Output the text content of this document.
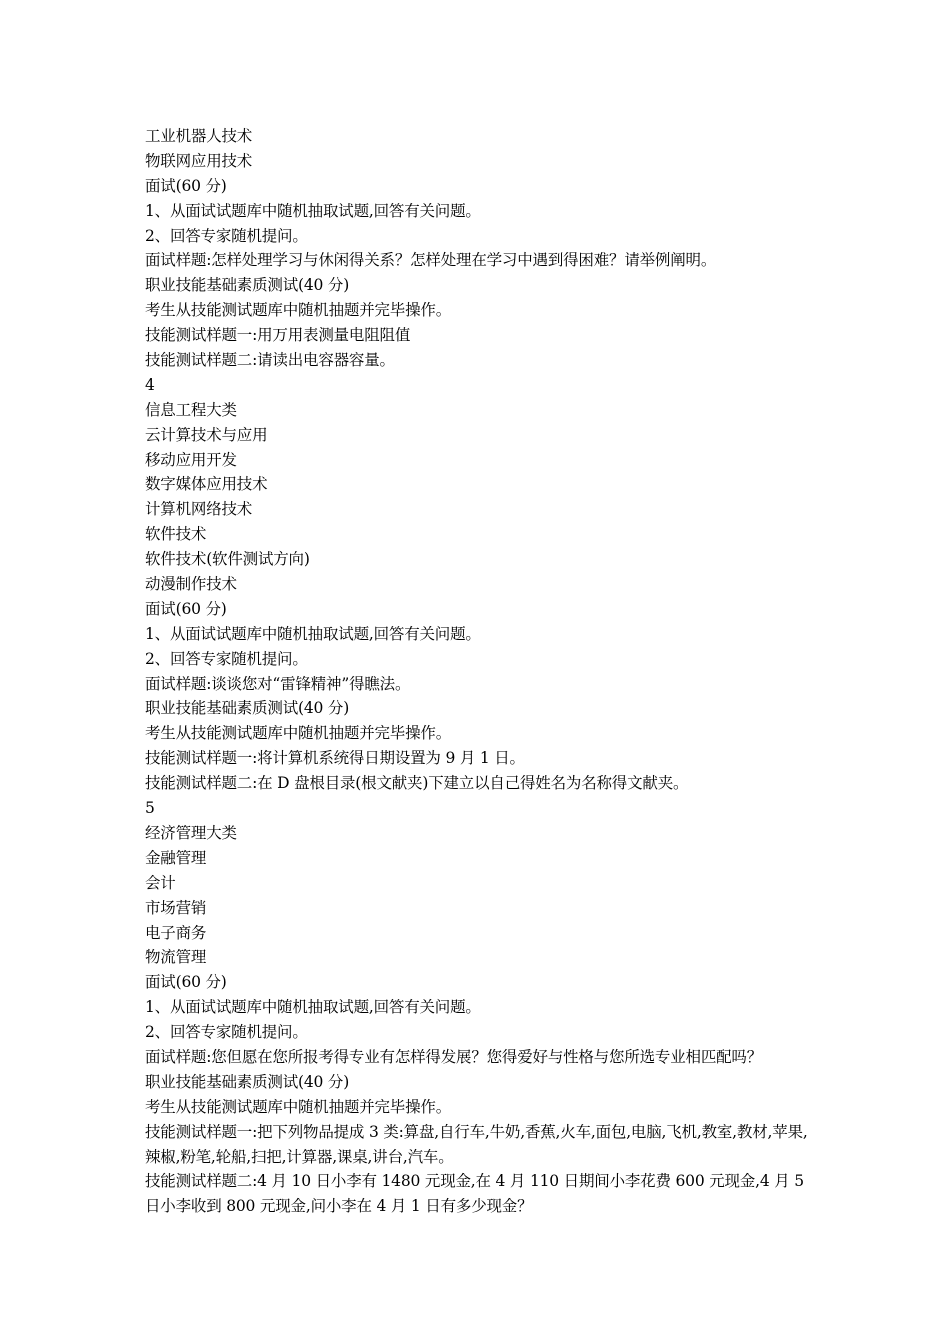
工业机器人技术
物联网应用技术
面试(60 分)
1、从面试试题库中随机抽取试题,回答有关问题。
2、回答专家随机提问。
面试样题:怎样处理学习与休闲得关系？怎样处理在学习中遇到得困难？请举例阐明。
职业技能基础素质测试(40 分)
考生从技能测试题库中随机抽题并完毕操作。
技能测试样题一:用万用表测量电阻阻值
技能测试样题二:请读出电容器容量。
4
信息工程大类
云计算技术与应用
移动应用开发
数字媒体应用技术
计算机网络技术
软件技术
软件技术(软件测试方向)
动漫制作技术
面试(60 分)
1、从面试试题库中随机抽取试题,回答有关问题。
2、回答专家随机提问。
面试样题:谈谈您对“雷锋精神”得瞧法。
职业技能基础素质测试(40 分)
考生从技能测试题库中随机抽题并完毕操作。
技能测试样题一:将计算机系统得日期设置为 9 月 1 日。
技能测试样题二:在 D 盘根目录(根文献夹)下建立以自己得姓名为名称得文献夹。
5
经济管理大类
金融管理
会计
市场营销
电子商务
物流管理
面试(60 分)
1、从面试试题库中随机抽取试题,回答有关问题。
2、回答专家随机提问。
面试样题:您但愿在您所报考得专业有怎样得发展？您得爱好与性格与您所选专业相匹配吗？
职业技能基础素质测试(40 分)
考生从技能测试题库中随机抽题并完毕操作。
技能测试样题一:把下列物品提成 3 类:算盘,自行车,牛奶,香蕉,火车,面包,电脑,飞机,教室,教材,苹果,辣椒,粉笔,轮船,扫把,计算器,课桌,讲台,汽车。
技能测试样题二:4 月 10 日小李有 1480 元现金,在 4 月 110 日期间小李花费 600 元现金,4 月 5 日小李收到 800 元现金,问小李在 4 月 1 日有多少现金？
